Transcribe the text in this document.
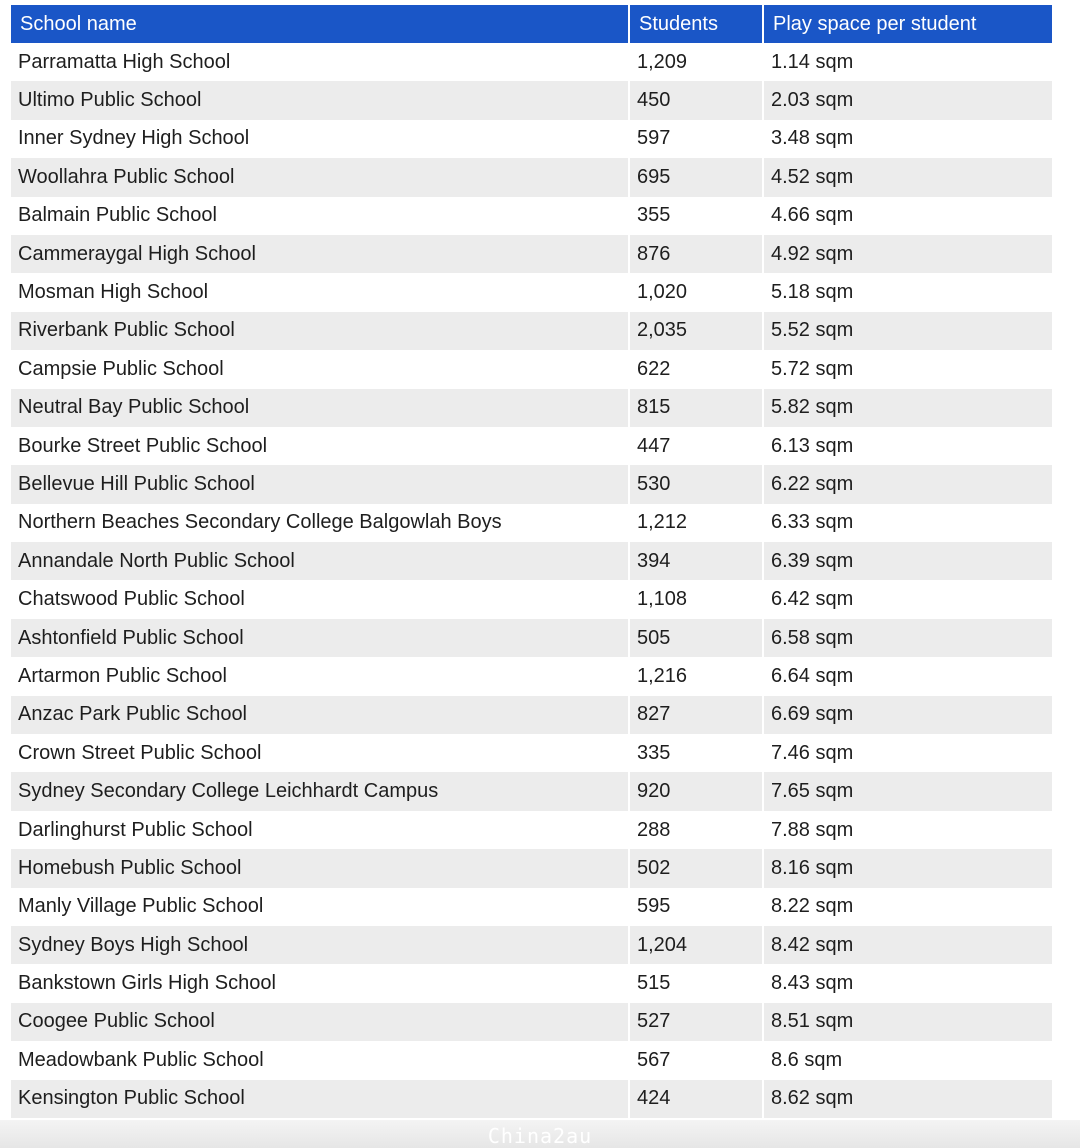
School name	Students	Play space per student
Parramatta High School	1,209	1.14 sqm
Ultimo Public School	450	2.03 sqm
Inner Sydney High School	597	3.48 sqm
Woollahra Public School	695	4.52 sqm
Balmain Public School	355	4.66 sqm
Cammeraygal High School	876	4.92 sqm
Mosman High School	1,020	5.18 sqm
Riverbank Public School	2,035	5.52 sqm
Campsie Public School	622	5.72 sqm
Neutral Bay Public School	815	5.82 sqm
Bourke Street Public School	447	6.13 sqm
Bellevue Hill Public School	530	6.22 sqm
Northern Beaches Secondary College Balgowlah Boys	1,212	6.33 sqm
Annandale North Public School	394	6.39 sqm
Chatswood Public School	1,108	6.42 sqm
Ashtonfield Public School	505	6.58 sqm
Artarmon Public School	1,216	6.64 sqm
Anzac Park Public School	827	6.69 sqm
Crown Street Public School	335	7.46 sqm
Sydney Secondary College Leichhardt Campus	920	7.65 sqm
Darlinghurst Public School	288	7.88 sqm
Homebush Public School	502	8.16 sqm
Manly Village Public School	595	8.22 sqm
Sydney Boys High School	1,204	8.42 sqm
Bankstown Girls High School	515	8.43 sqm
Coogee Public School	527	8.51 sqm
Meadowbank Public School	567	8.6 sqm
Kensington Public School	424	8.62 sqm
China2au
